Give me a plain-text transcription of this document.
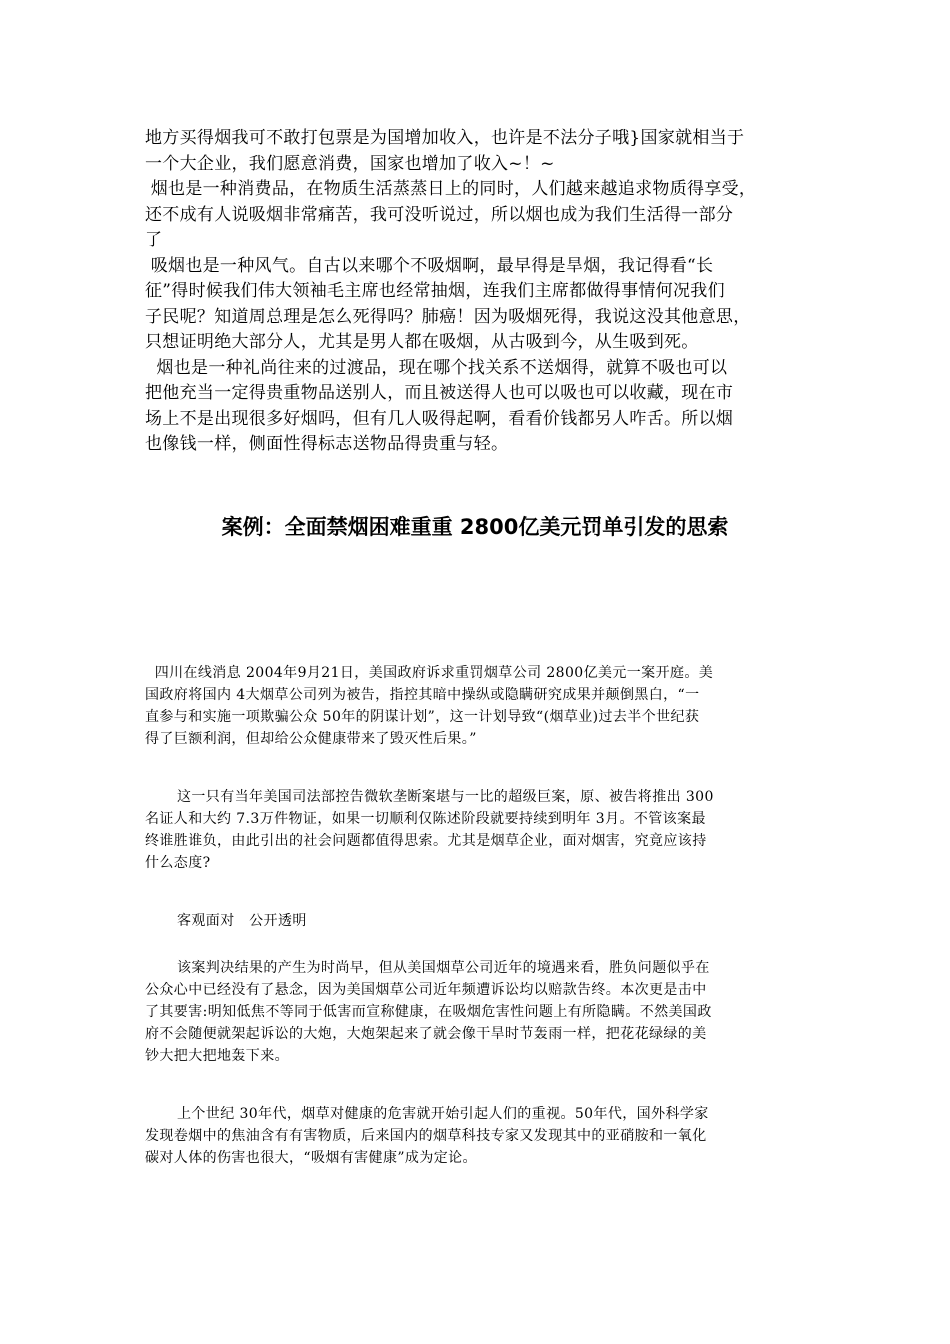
地方买得烟我可不敢打包票是为国增加收入，也许是不法分子哦}国家就相当于

一个大企业，我们愿意消费，国家也增加了收入~！~

烟也是一种消费品，在物质生活蒸蒸日上的同时，人们越来越追求物质得享受，

还不成有人说吸烟非常痛苦，我可没听说过，所以烟也成为我们生活得一部分

了

吸烟也是一种风气。自古以来哪个不吸烟啊，最早得是旱烟，我记得看“长

征”得时候我们伟大领袖毛主席也经常抽烟，连我们主席都做得事情何况我们

子民呢？知道周总理是怎么死得吗？肺癌！因为吸烟死得，我说这没其他意思，

只想证明绝大部分人，尤其是男人都在吸烟，从古吸到今，从生吸到死。

烟也是一种礼尚往来的过渡品，现在哪个找关系不送烟得，就算不吸也可以

把他充当一定得贵重物品送别人，而且被送得人也可以吸也可以收藏，现在市

场上不是出现很多好烟吗，但有几人吸得起啊，看看价钱都另人咋舌。所以烟

也像钱一样，侧面性得标志送物品得贵重与轻。

案例：全面禁烟困难重重 2800亿美元罚单引发的思索

四川在线消息 2004年9月21日，美国政府诉求重罚烟草公司 2800亿美元一案开庭。美

国政府将国内 4大烟草公司列为被告，指控其暗中操纵或隐瞒研究成果并颠倒黑白，“一

直参与和实施一项欺骗公众 50年的阴谋计划”，这一计划导致“(烟草业)过去半个世纪获

得了巨额利润，但却给公众健康带来了毁灭性后果。”

这一只有当年美国司法部控告微软垄断案堪与一比的超级巨案，原、被告将推出 300

名证人和大约 7.3万件物证，如果一切顺利仅陈述阶段就要持续到明年 3月。不管该案最

终谁胜谁负，由此引出的社会问题都值得思索。尤其是烟草企业，面对烟害，究竟应该持

什么态度?

客观面对   公开透明

该案判决结果的产生为时尚早，但从美国烟草公司近年的境遇来看，胜负问题似乎在

公众心中已经没有了悬念，因为美国烟草公司近年频遭诉讼均以赔款告终。本次更是击中

了其要害:明知低焦不等同于低害而宣称健康，在吸烟危害性问题上有所隐瞒。不然美国政

府不会随便就架起诉讼的大炮，大炮架起来了就会像干旱时节轰雨一样，把花花绿绿的美

钞大把大把地轰下来。

上个世纪 30年代，烟草对健康的危害就开始引起人们的重视。50年代，国外科学家

发现卷烟中的焦油含有有害物质，后来国内的烟草科技专家又发现其中的亚硝胺和一氧化

碳对人体的伤害也很大，“吸烟有害健康”成为定论。
